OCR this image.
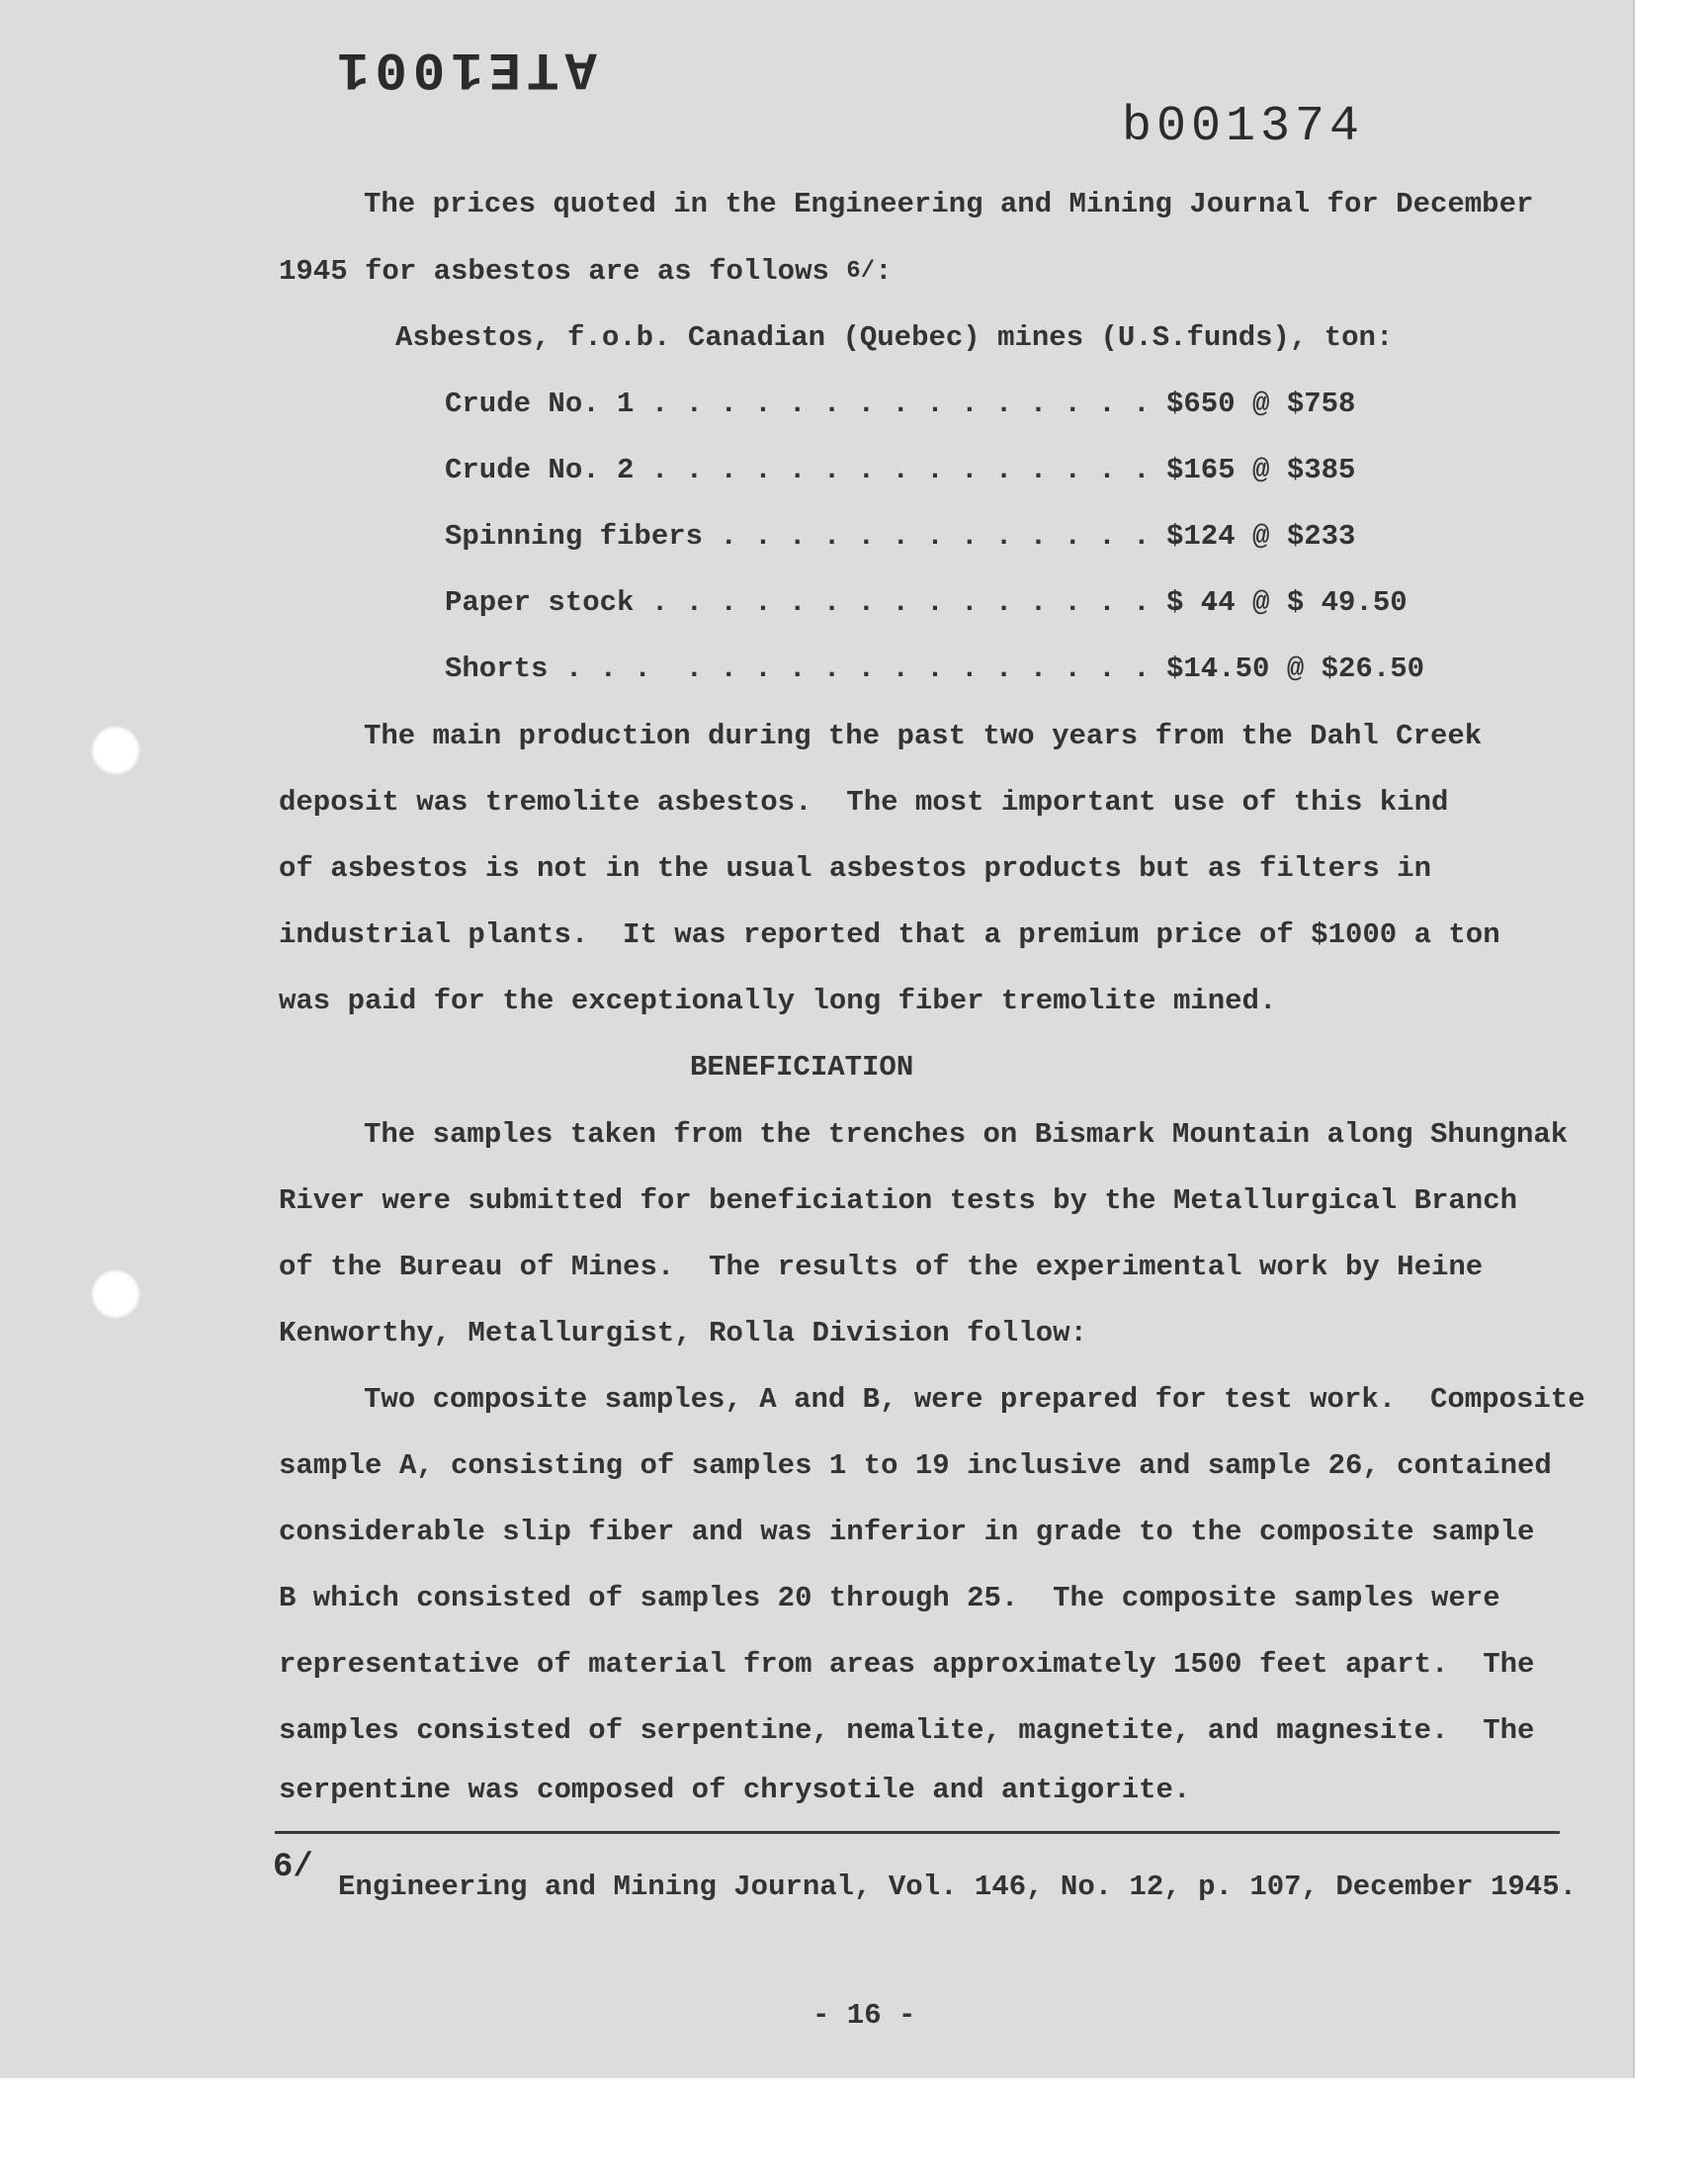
ATE1001
b001374

The prices quoted in the Engineering and Mining Journal for December

1945 for asbestos are as follows $^{6/}$:

Asbestos, f.o.b. Canadian (Quebec) mines (U.S.funds), ton:

Crude No. 1 . . . . . . . . . . . . . . . . .

$650 @ $758

Crude No. 2 . . . . . . . . . . . . . . . . .

$165 @ $385

Spinning fibers . . . . . . . . . . . . . . .

$124 @ $233

Paper stock . . . . . . . . . . . . . . . . .

$ 44 @ $ 49.50

Shorts . . .  . . . . . . . . . . . . . . . .

$14.50 @ $26.50

The main production during the past two years from the Dahl Creek

deposit was tremolite asbestos.  The most important use of this kind

of asbestos is not in the usual asbestos products but as filters in

industrial plants.  It was reported that a premium price of $1000 a ton

was paid for the exceptionally long fiber tremolite mined.

BENEFICIATION

The samples taken from the trenches on Bismark Mountain along Shungnak

River were submitted for beneficiation tests by the Metallurgical Branch

of the Bureau of Mines.  The results of the experimental work by Heine

Kenworthy, Metallurgist, Rolla Division follow:

Two composite samples, A and B, were prepared for test work.  Composite

sample A, consisting of samples 1 to 19 inclusive and sample 26, contained

considerable slip fiber and was inferior in grade to the composite sample

B which consisted of samples 20 through 25.  The composite samples were

representative of material from areas approximately 1500 feet apart.  The

samples consisted of serpentine, nemalite, magnetite, and magnesite.  The

serpentine was composed of chrysotile and antigorite.

6/

Engineering and Mining Journal, Vol. 146, No. 12, p. 107, December 1945.

- 16 -
